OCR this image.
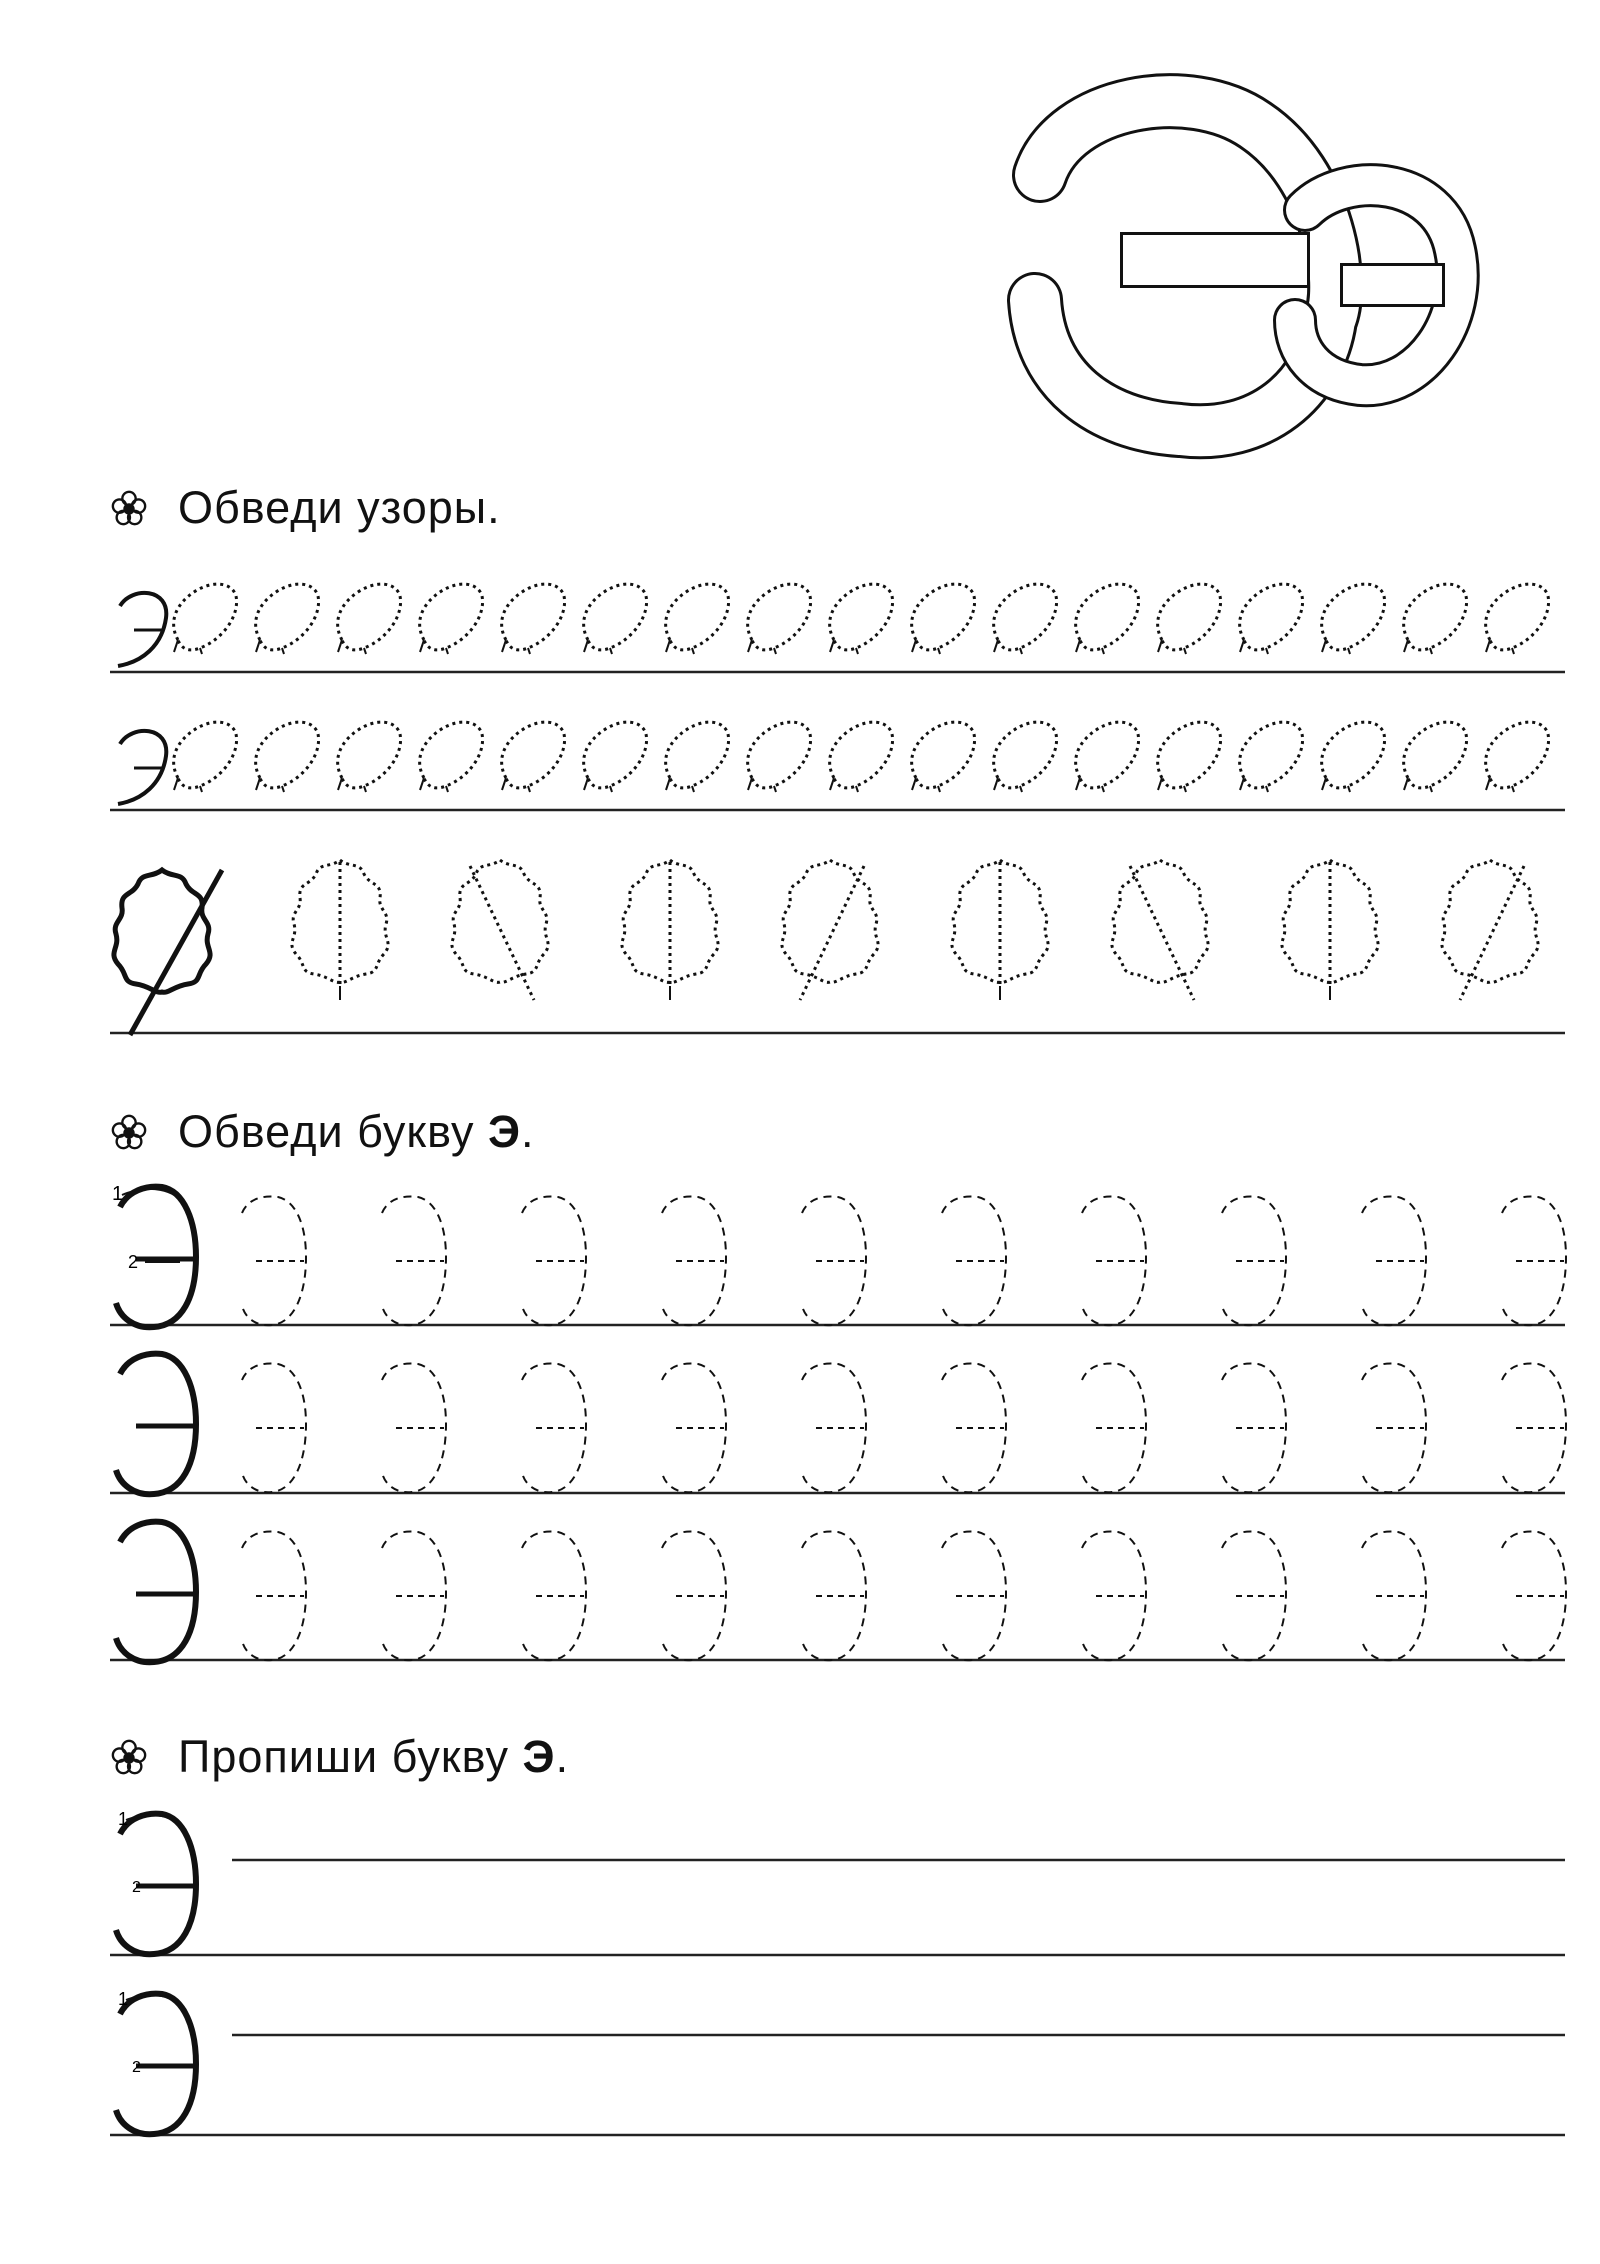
1
2
1
2
1
2
Обведи узоры.
Обведи букву Э.
Пропиши букву Э.
